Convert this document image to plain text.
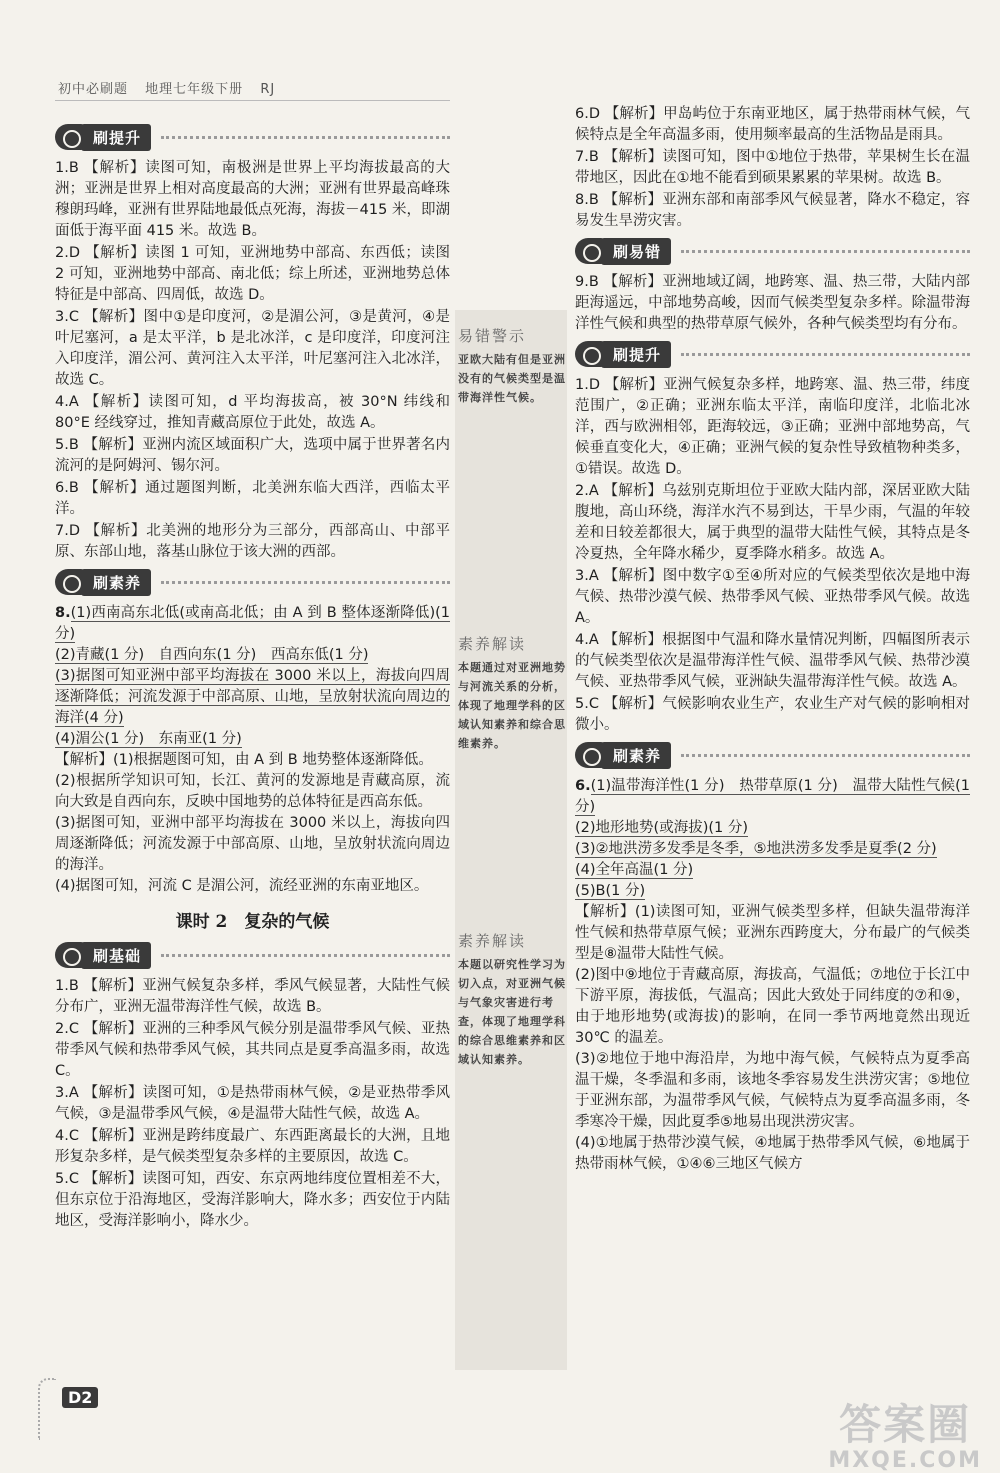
初中必刷题 地理七年级下册 RJ
刷提升
1.B 【解析】读图可知，南极洲是世界上平均海拔最高的大洲；亚洲是世界上相对高度最高的大洲；亚洲有世界最高峰珠穆朗玛峰，亚洲有世界陆地最低点死海，海拔－415 米，即湖面低于海平面 415 米。故选 B。
2.D 【解析】读图 1 可知，亚洲地势中部高、东西低；读图 2 可知，亚洲地势中部高、南北低；综上所述，亚洲地势总体特征是中部高、四周低，故选 D。
3.C 【解析】图中①是印度河，②是湄公河，③是黄河，④是叶尼塞河，a 是太平洋，b 是北冰洋，c 是印度洋，印度河注入印度洋，湄公河、黄河注入太平洋，叶尼塞河注入北冰洋，故选 C。
4.A 【解析】读图可知，d 平均海拔高，被 30°N 纬线和 80°E 经线穿过，推知青藏高原位于此处，故选 A。
5.B 【解析】亚洲内流区域面积广大，选项中属于世界著名内流河的是阿姆河、锡尔河。
6.B 【解析】通过题图判断，北美洲东临大西洋，西临太平洋。
7.D 【解析】北美洲的地形分为三部分，西部高山、中部平原、东部山地，落基山脉位于该大洲的西部。
刷素养
8.(1)西南高东北低(或南高北低；由 A 到 B 整体逐渐降低)(1 分)
(2)青藏(1 分)　自西向东(1 分)　西高东低(1 分)
(3)据图可知亚洲中部平均海拔在 3000 米以上，海拔向四周逐渐降低；河流发源于中部高原、山地，呈放射状流向周边的海洋(4 分)
(4)湄公(1 分)　东南亚(1 分)
【解析】(1)根据题图可知，由 A 到 B 地势整体逐渐降低。
(2)根据所学知识可知，长江、黄河的发源地是青藏高原，流向大致是自西向东，反映中国地势的总体特征是西高东低。
(3)据图可知，亚洲中部平均海拔在 3000 米以上，海拔向四周逐渐降低；河流发源于中部高原、山地，呈放射状流向周边的海洋。
(4)据图可知，河流 C 是湄公河，流经亚洲的东南亚地区。
课时 2　复杂的气候
刷基础
1.B 【解析】亚洲气候复杂多样，季风气候显著，大陆性气候分布广，亚洲无温带海洋性气候，故选 B。
2.C 【解析】亚洲的三种季风气候分别是温带季风气候、亚热带季风气候和热带季风气候，其共同点是夏季高温多雨，故选 C。
3.A 【解析】读图可知，①是热带雨林气候，②是亚热带季风气候，③是温带季风气候，④是温带大陆性气候，故选 A。
4.C 【解析】亚洲是跨纬度最广、东西距离最长的大洲，且地形复杂多样，是气候类型复杂多样的主要原因，故选 C。
5.C 【解析】读图可知，西安、东京两地纬度位置相差不大，但东京位于沿海地区，受海洋影响大，降水多；西安位于内陆地区，受海洋影响小，降水少。
易错警示
亚欧大陆有但是亚洲没有的气候类型是温带海洋性气候。
素养解读
本题通过对亚洲地势与河流关系的分析，体现了地理学科的区域认知素养和综合思维素养。
素养解读
本题以研究性学习为切入点，对亚洲气候与气象灾害进行考查，体现了地理学科的综合思维素养和区域认知素养。
6.D 【解析】甲岛屿位于东南亚地区，属于热带雨林气候，气候特点是全年高温多雨，使用频率最高的生活物品是雨具。
7.B 【解析】读图可知，图中①地位于热带，苹果树生长在温带地区，因此在①地不能看到硕果累累的苹果树。故选 B。
8.B 【解析】亚洲东部和南部季风气候显著，降水不稳定，容易发生旱涝灾害。
刷易错
9.B 【解析】亚洲地域辽阔，地跨寒、温、热三带，大陆内部距海遥远，中部地势高峻，因而气候类型复杂多样。除温带海洋性气候和典型的热带草原气候外，各种气候类型均有分布。
刷提升
1.D 【解析】亚洲气候复杂多样，地跨寒、温、热三带，纬度范围广，②正确；亚洲东临太平洋，南临印度洋，北临北冰洋，西与欧洲相邻，距海较远，③正确；亚洲中部地势高，气候垂直变化大，④正确；亚洲气候的复杂性导致植物种类多，①错误。故选 D。
2.A 【解析】乌兹别克斯坦位于亚欧大陆内部，深居亚欧大陆腹地，高山环绕，海洋水汽不易到达，干旱少雨，气温的年较差和日较差都很大，属于典型的温带大陆性气候，其特点是冬冷夏热，全年降水稀少，夏季降水稍多。故选 A。
3.A 【解析】图中数字①至④所对应的气候类型依次是地中海气候、热带沙漠气候、热带季风气候、亚热带季风气候。故选 A。
4.A 【解析】根据图中气温和降水量情况判断，四幅图所表示的气候类型依次是温带海洋性气候、温带季风气候、热带沙漠气候、亚热带季风气候，亚洲缺失温带海洋性气候。故选 A。
5.C 【解析】气候影响农业生产，农业生产对气候的影响相对微小。
刷素养
6.(1)温带海洋性(1 分)　热带草原(1 分)　温带大陆性气候(1 分)
(2)地形地势(或海拔)(1 分)
(3)②地洪涝多发季是冬季，⑤地洪涝多发季是夏季(2 分)
(4)全年高温(1 分)
(5)B(1 分)
【解析】(1)读图可知，亚洲气候类型多样，但缺失温带海洋性气候和热带草原气候；亚洲东西跨度大，分布最广的气候类型是⑧温带大陆性气候。
(2)图中⑨地位于青藏高原，海拔高，气温低；⑦地位于长江中下游平原，海拔低，气温高；因此大致处于同纬度的⑦和⑨，由于地形地势(或海拔)的影响，在同一季节两地竟然出现近 30℃ 的温差。
(3)②地位于地中海沿岸，为地中海气候，气候特点为夏季高温干燥，冬季温和多雨，该地冬季容易发生洪涝灾害；⑤地位于亚洲东部，为温带季风气候，气候特点为夏季高温多雨，冬季寒冷干燥，因此夏季⑤地易出现洪涝灾害。
(4)①地属于热带沙漠气候，④地属于热带季风气候，⑥地属于热带雨林气候，①④⑥三地区气候方
D2
答案圈
MXQE.COM
